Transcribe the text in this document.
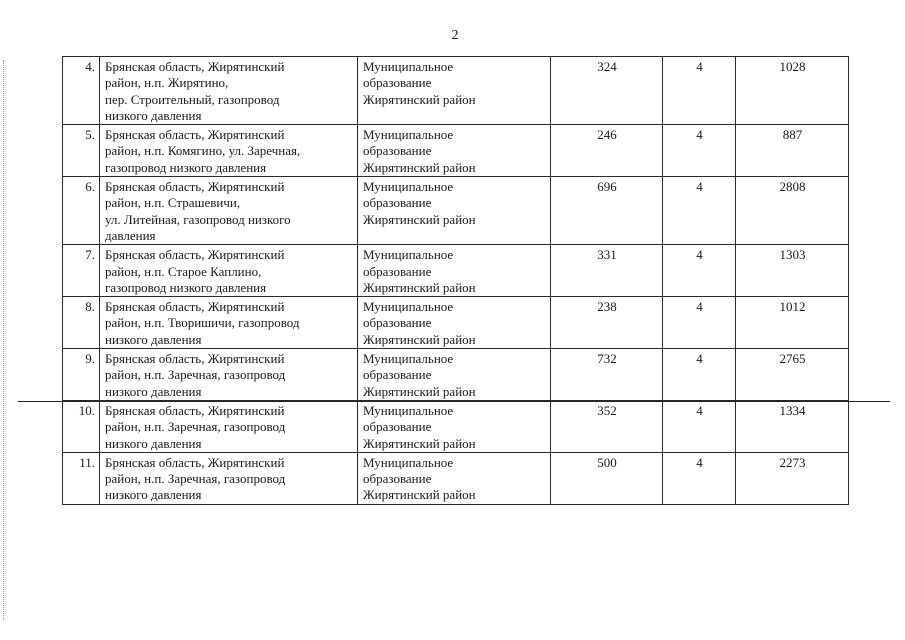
2
4.	Брянская область, Жирятинский
район, н.п. Жирятино,
пер. Строительный, газопровод
низкого давления	Муниципальное
образование
Жирятинский район	324	4	1028
5.	Брянская область, Жирятинский
район, н.п. Комягино, ул. Заречная,
газопровод низкого давления	Муниципальное
образование
Жирятинский район	246	4	887
6.	Брянская область, Жирятинский
район, н.п. Страшевичи,
ул. Литейная, газопровод низкого
давления	Муниципальное
образование
Жирятинский район	696	4	2808
7.	Брянская область, Жирятинский
район, н.п. Старое Каплино,
газопровод низкого давления	Муниципальное
образование
Жирятинский район	331	4	1303
8.	Брянская область, Жирятинский
район, н.п. Творишичи, газопровод
низкого давления	Муниципальное
образование
Жирятинский район	238	4	1012
9.	Брянская область, Жирятинский
район, н.п. Заречная, газопровод
низкого давления	Муниципальное
образование
Жирятинский район	732	4	2765
10.	Брянская область, Жирятинский
район, н.п. Заречная, газопровод
низкого давления	Муниципальное
образование
Жирятинский район	352	4	1334
11.	Брянская область, Жирятинский
район, н.п. Заречная, газопровод
низкого давления	Муниципальное
образование
Жирятинский район	500	4	2273
